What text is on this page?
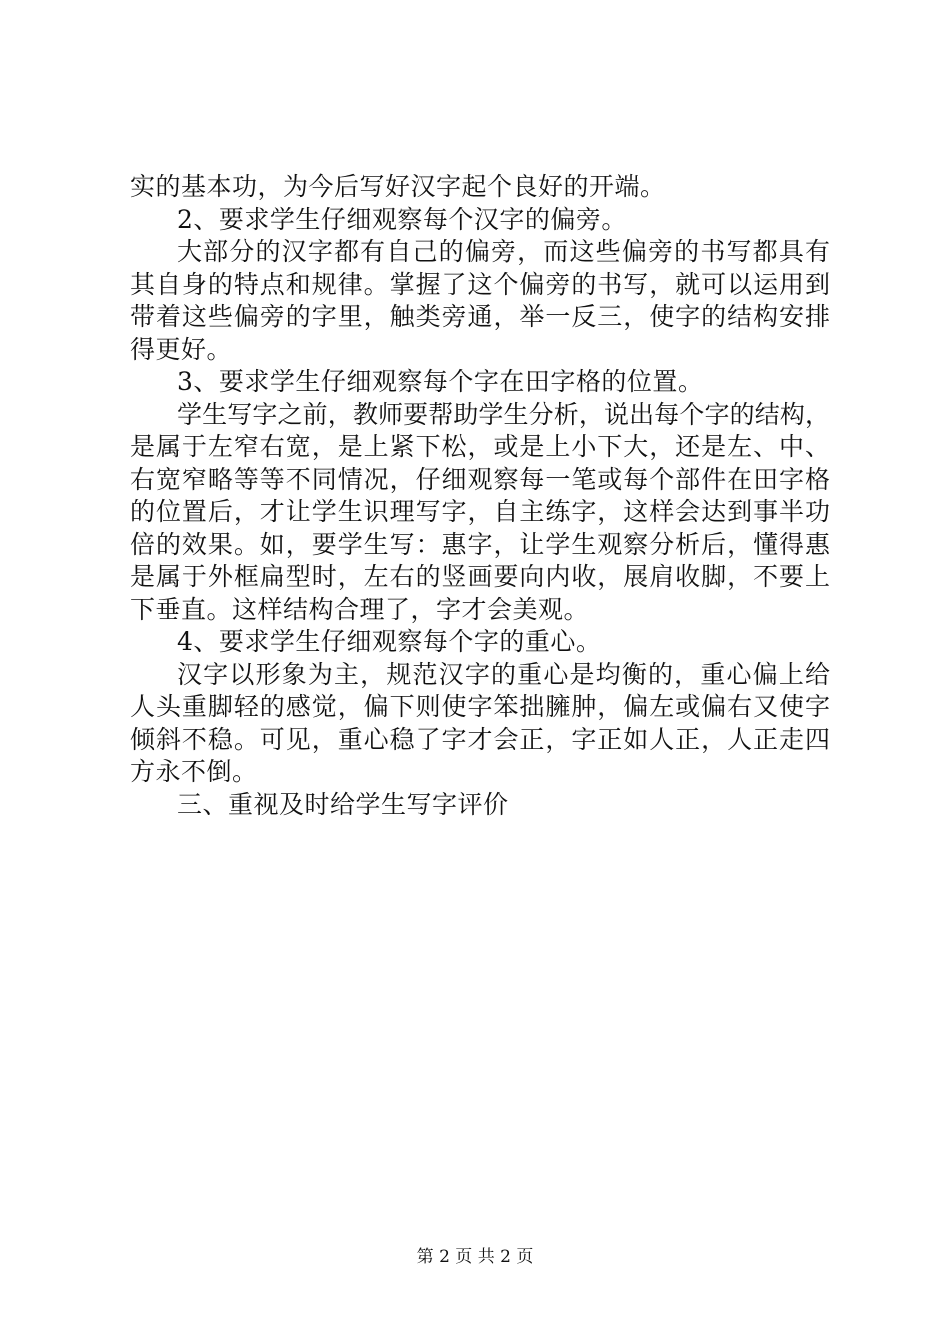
实的基本功，为今后写好汉字起个良好的开端。
2、要求学生仔细观察每个汉字的偏旁。
大部分的汉字都有自己的偏旁，而这些偏旁的书写都具有
其自身的特点和规律。掌握了这个偏旁的书写，就可以运用到
带着这些偏旁的字里，触类旁通，举一反三，使字的结构安排
得更好。
3、要求学生仔细观察每个字在田字格的位置。
学生写字之前，教师要帮助学生分析，说出每个字的结构，
是属于左窄右宽，是上紧下松，或是上小下大，还是左、中、
右宽窄略等等不同情况，仔细观察每一笔或每个部件在田字格
的位置后，才让学生识理写字，自主练字，这样会达到事半功
倍的效果。如，要学生写：惠字，让学生观察分析后，懂得惠
是属于外框扁型时，左右的竖画要向内收，展肩收脚，不要上
下垂直。这样结构合理了，字才会美观。
4、要求学生仔细观察每个字的重心。
汉字以形象为主，规范汉字的重心是均衡的，重心偏上给
人头重脚轻的感觉，偏下则使字笨拙臃肿，偏左或偏右又使字
倾斜不稳。可见，重心稳了字才会正，字正如人正，人正走四
方永不倒。
三、重视及时给学生写字评价
第 2 页 共 2 页
